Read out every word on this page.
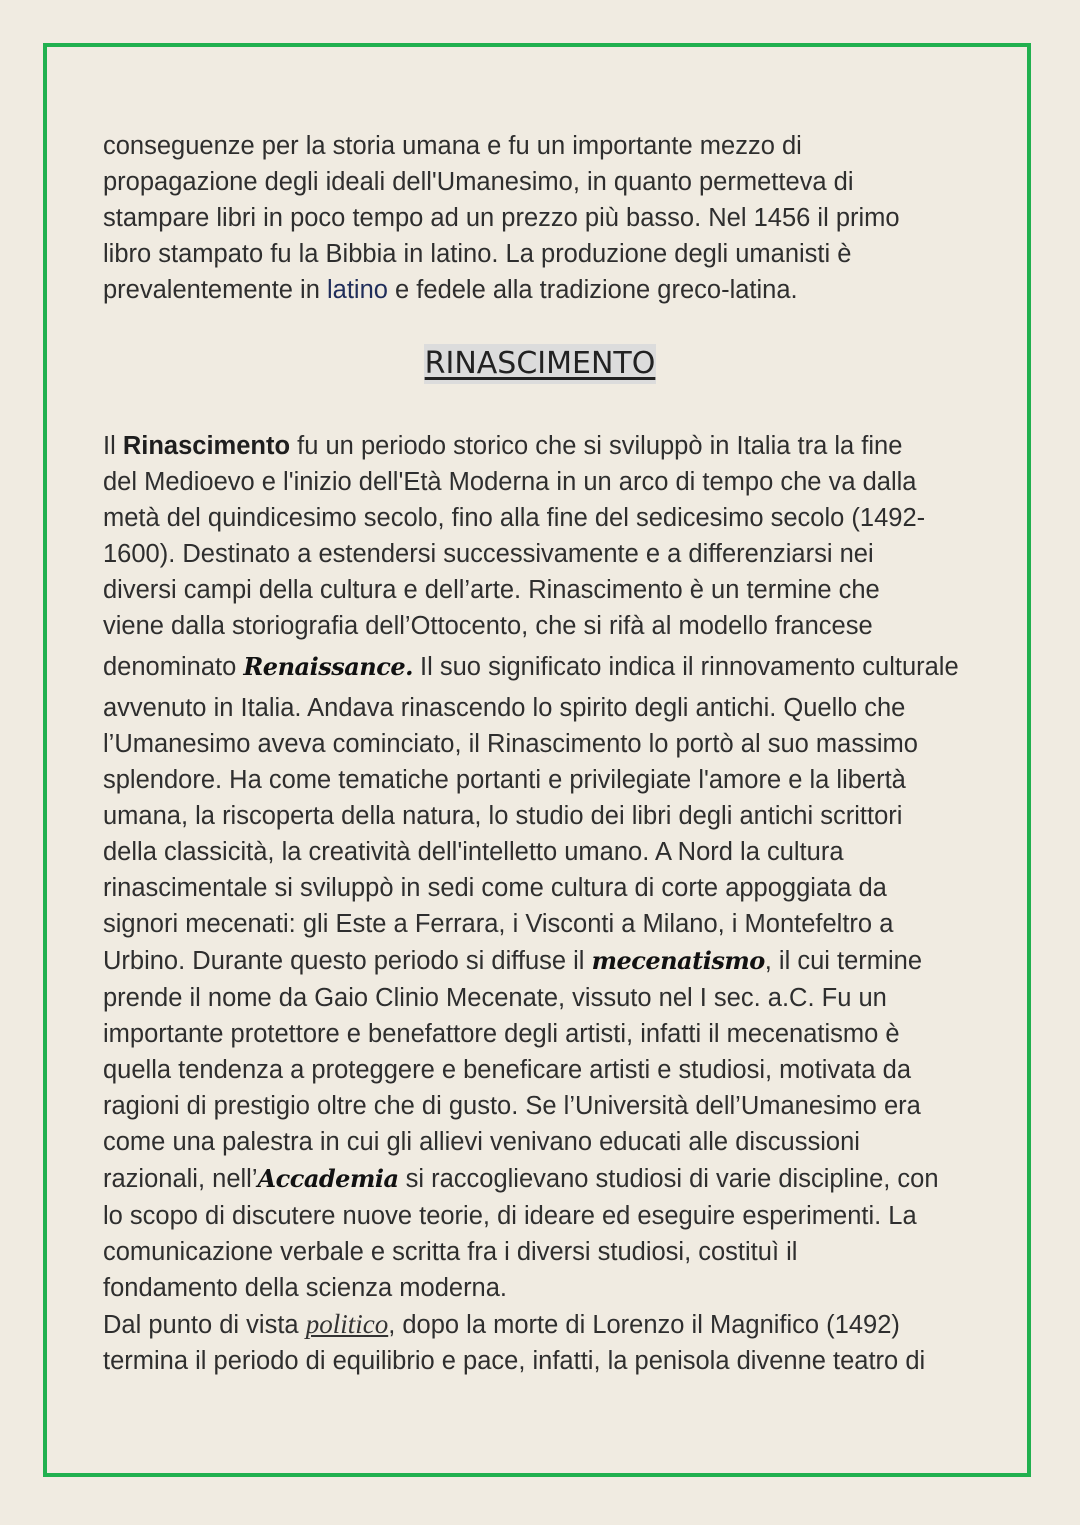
conseguenze per la storia umana e fu un importante mezzo di
propagazione degli ideali dell'Umanesimo, in quanto permetteva di
stampare libri in poco tempo ad un prezzo più basso. Nel 1456 il primo
libro stampato fu la Bibbia in latino. La produzione degli umanisti è
prevalentemente in latino e fedele alla tradizione greco-latina.
RINASCIMENTO
Il Rinascimento fu un periodo storico che si sviluppò in Italia tra la fine
del Medioevo e l'inizio dell'Età Moderna in un arco di tempo che va dalla
metà del quindicesimo secolo, fino alla fine del sedicesimo secolo (1492-
1600). Destinato a estendersi successivamente e a differenziarsi nei
diversi campi della cultura e dell’arte. Rinascimento è un termine che
viene dalla storiografia dell’Ottocento, che si rifà al modello francese
denominato Renaissance. Il suo significato indica il rinnovamento culturale
avvenuto in Italia. Andava rinascendo lo spirito degli antichi. Quello che
l’Umanesimo aveva cominciato, il Rinascimento lo portò al suo massimo
splendore. Ha come tematiche portanti e privilegiate l'amore e la libertà
umana, la riscoperta della natura, lo studio dei libri degli antichi scrittori
della classicità, la creatività dell'intelletto umano. A Nord la cultura
rinascimentale si sviluppò in sedi come cultura di corte appoggiata da
signori mecenati: gli Este a Ferrara, i Visconti a Milano, i Montefeltro a
Urbino. Durante questo periodo si diffuse il mecenatismo, il cui termine
prende il nome da Gaio Clinio Mecenate, vissuto nel I sec. a.C. Fu un
importante protettore e benefattore degli artisti, infatti il mecenatismo è
quella tendenza a proteggere e beneficare artisti e studiosi, motivata da
ragioni di prestigio oltre che di gusto. Se l’Università dell’Umanesimo era
come una palestra in cui gli allievi venivano educati alle discussioni
razionali, nell’Accademia si raccoglievano studiosi di varie discipline, con
lo scopo di discutere nuove teorie, di ideare ed eseguire esperimenti. La
comunicazione verbale e scritta fra i diversi studiosi, costituì il
fondamento della scienza moderna.
Dal punto di vista politico, dopo la morte di Lorenzo il Magnifico (1492)
termina il periodo di equilibrio e pace, infatti, la penisola divenne teatro di
